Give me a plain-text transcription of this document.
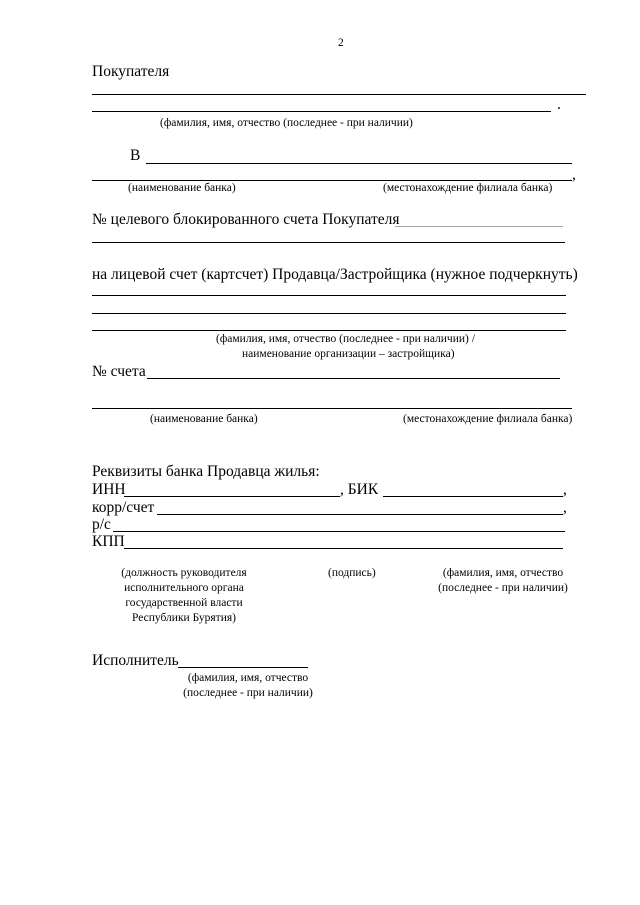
2
Покупателя
.
(фамилия, имя, отчество (последнее - при наличии)
В
,
(наименование банка)	(местонахождение филиала банка)
№ целевого блокированного счета Покупателя
на лицевой счет (картсчет) Продавца/Застройщика (нужное подчеркнуть)
(фамилия, имя, отчество (последнее - при наличии) /
наименование организации – застройщика)
№ счета
(наименование банка)	(местонахождение филиала банка)
Реквизиты банка Продавца жилья:
ИНН	, БИК	,
корр/счет	,
р/с
КПП
(должность руководителя
исполнительного органа
государственной власти
Республики Бурятия)
(подпись)	(фамилия, имя, отчество
(последнее - при наличии)
Исполнитель
(фамилия, имя, отчество
(последнее - при наличии)
